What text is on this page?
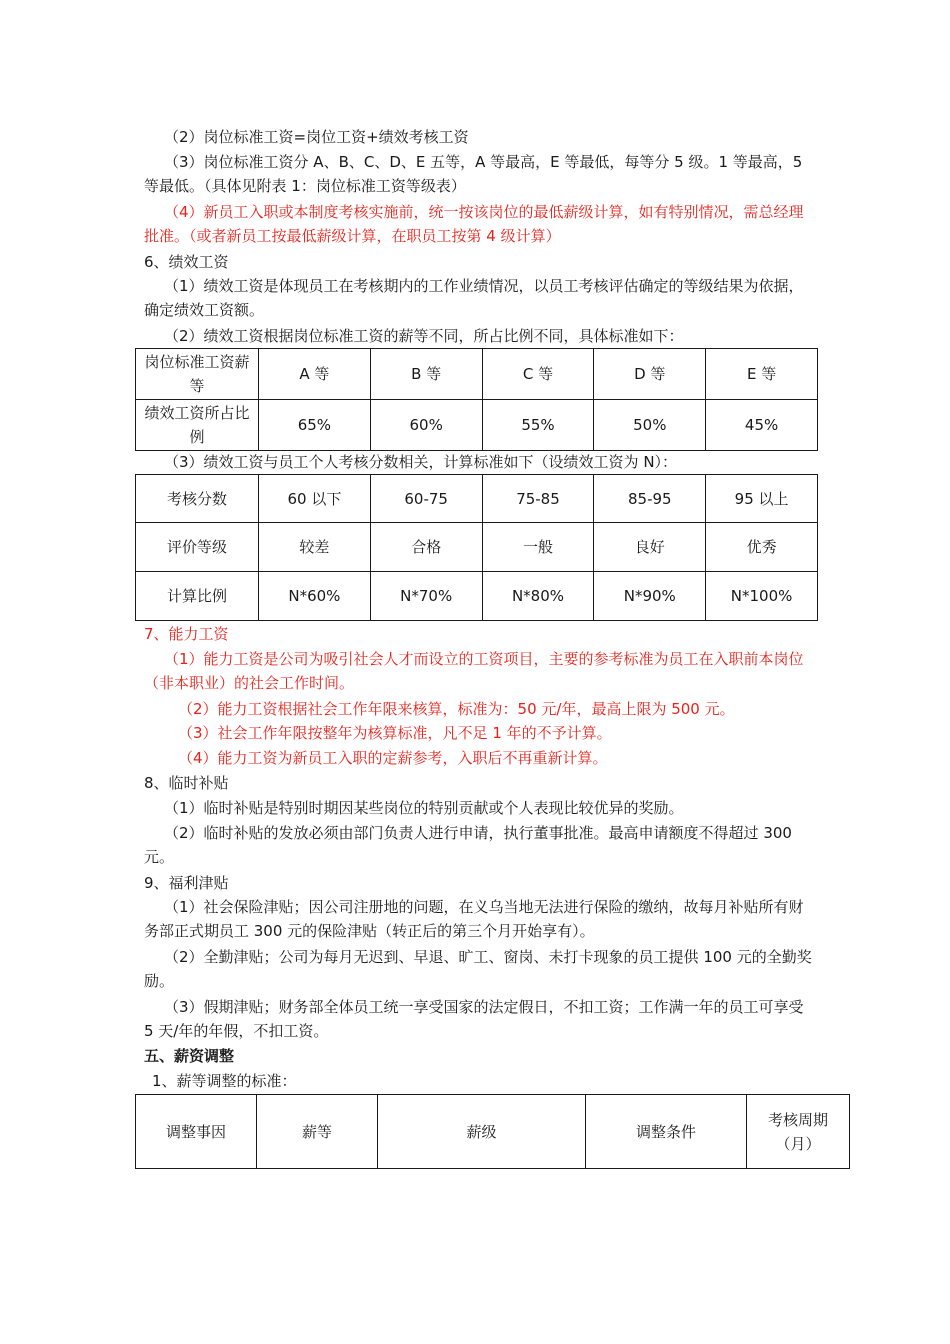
（2）岗位标准工资=岗位工资+绩效考核工资
（3）岗位标准工资分 A、B、C、D、E 五等，A 等最高，E 等最低，每等分 5 级。1 等最高，5 等最低。（具体见附表 1：岗位标准工资等级表）
（4）新员工入职或本制度考核实施前，统一按该岗位的最低薪级计算，如有特别情况，需总经理批准。（或者新员工按最低薪级计算，在职员工按第 4 级计算）
6、绩效工资
（1）绩效工资是体现员工在考核期内的工作业绩情况，以员工考核评估确定的等级结果为依据，确定绩效工资额。
（2）绩效工资根据岗位标准工资的薪等不同，所占比例不同，具体标准如下：
岗位标准工资薪等	A 等	B 等	C 等	D 等	E 等
绩效工资所占比例	65%	60%	55%	50%	45%
（3）绩效工资与员工个人考核分数相关，计算标准如下（设绩效工资为 N）：
考核分数	60 以下	60-75	75-85	85-95	95 以上
评价等级	较差	合格	一般	良好	优秀
计算比例	N*60%	N*70%	N*80%	N*90%	N*100%
7、能力工资
（1）能力工资是公司为吸引社会人才而设立的工资项目，主要的参考标准为员工在入职前本岗位（非本职业）的社会工作时间。
（2）能力工资根据社会工作年限来核算，标准为：50 元/年，最高上限为 500 元。
（3）社会工作年限按整年为核算标准，凡不足 1 年的不予计算。
（4）能力工资为新员工入职的定薪参考，入职后不再重新计算。
8、临时补贴
（1）临时补贴是特别时期因某些岗位的特别贡献或个人表现比较优异的奖励。
（2）临时补贴的发放必须由部门负责人进行申请，执行董事批准。最高申请额度不得超过 300 元。
9、福利津贴
（1）社会保险津贴；因公司注册地的问题，在义乌当地无法进行保险的缴纳，故每月补贴所有财务部正式期员工 300 元的保险津贴（转正后的第三个月开始享有）。
（2）全勤津贴；公司为每月无迟到、早退、旷工、窗岗、未打卡现象的员工提供 100 元的全勤奖励。
（3）假期津贴；财务部全体员工统一享受国家的法定假日，不扣工资；工作满一年的员工可享受 5 天/年的年假，不扣工资。
五、薪资调整
1、薪等调整的标准：
调整事因	薪等	薪级	调整条件	考核周期（月）
